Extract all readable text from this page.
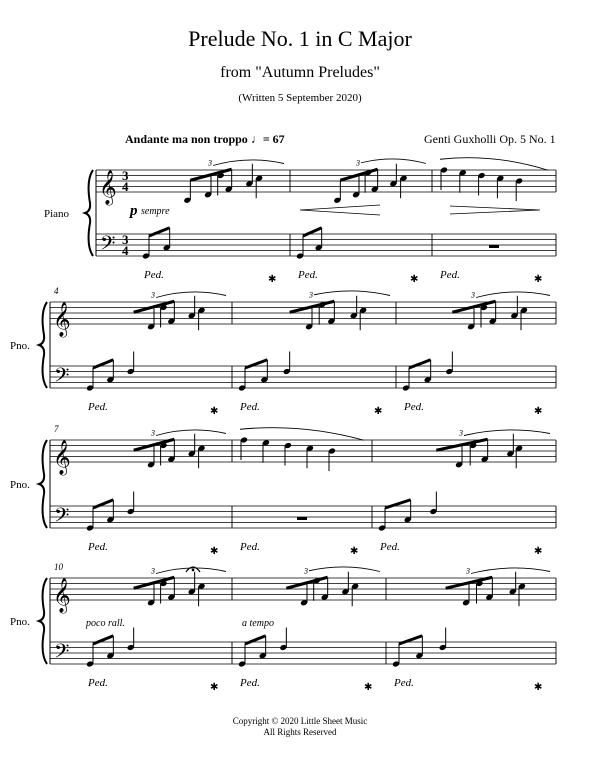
Prelude No. 1 in C Major
from "Autumn Preludes"
(Written 5 September 2020)
Andante ma non troppo ♩= 67	Genti Guxholli Op. 5 No. 1
Piano
𝄞
𝄢
3
4
3
4
3
Ped.	✱
3
Ped.	✱ Ped.	✱
Pno.
4
𝄞
𝄢
3
Ped.	✱
3
Ped.	✱
3
Ped.	✱
Pno.
7
𝄞
𝄢
3
Ped.	✱ Ped.	✱
3
Ped.	✱
Pno.
10
𝄞
𝄢
3
Ped.	✱
3
Ped.	✱
3
Ped.	✱
p sempre
poco rall.	a tempo
Copyright © 2020 Little Sheet Music
All Rights Reserved
